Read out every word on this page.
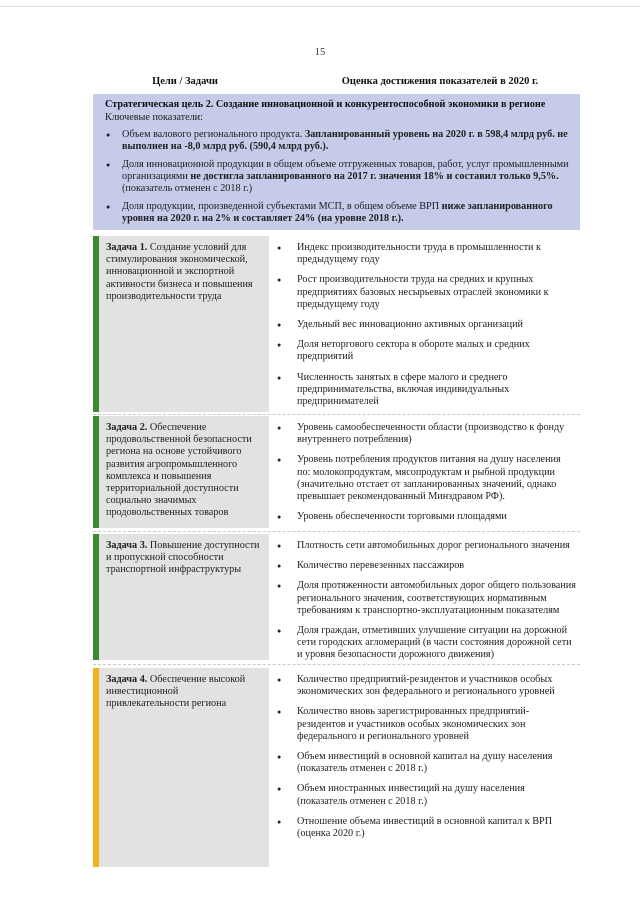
15
Цели / Задачи	Оценка достижения показателей в 2020 г.
Стратегическая цель 2. Создание инновационной и конкурентоспособной экономики в регионе
Ключевые показатели:
● Объем валового регионального продукта. Запланированный уровень на 2020 г. в 598,4 млрд руб. не выполнен на -8,0 млрд руб. (590,4 млрд руб.).
● Доля инновационной продукции в общем объеме отгруженных товаров, работ, услуг промышленными организациями не достигла запланированного на 2017 г. значения 18% и составил только 9,5%. (показатель отменен с 2018 г.)
● Доля продукции, произведенной субъектами МСП, в общем объеме ВРП ниже запланированного уровня на 2020 г. на 2% и составляет 24% (на уровне 2018 г.).
Задача 1. Создание условий для стимулирования экономической, инновационной и экспортной активности бизнеса и повышения производительности труда
● Индекс производительности труда в промышленности к предыдущему году
● Рост производительности труда на средних и крупных предприятиях базовых несырьевых отраслей экономики к предыдущему году
● Удельный вес инновационно активных организаций
● Доля неторгового сектора в обороте малых и средних предприятий
● Численность занятых в сфере малого и среднего предпринимательства, включая индивидуальных предпринимателей
Задача 2. Обеспечение продовольственной безопасности региона на основе устойчивого развития агропромышленного комплекса и повышения территориальной доступности социально значимых продовольственных товаров
● Уровень самообеспеченности области (производство к фонду внутреннего потребления)
● Уровень потребления продуктов питания на душу населения по: молокопродуктам, мясопродуктам и рыбной продукции (значительно отстает от запланированных значений, однако превышает рекомендованный Минздравом РФ).
● Уровень обеспеченности торговыми площадями
Задача 3. Повышение доступности и пропускной способности транспортной инфраструктуры
● Плотность сети автомобильных дорог регионального значения
● Количество перевезенных пассажиров
● Доля протяженности автомобильных дорог общего пользования регионального значения, соответствующих нормативным требованиям к транспортно-эксплуатационным показателям
● Доля граждан, отметивших улучшение ситуации на дорожной сети городских агломераций (в части состояния дорожной сети и уровня безопасности дорожного движения)
Задача 4. Обеспечение высокой инвестиционной привлекательности региона
● Количество предприятий-резидентов и участников особых экономических зон федерального и регионального уровней
● Количество вновь зарегистрированных предприятий-резидентов и участников особых экономических зон федерального и регионального уровней
● Объем инвестиций в основной капитал на душу населения (показатель отменен с 2018 г.)
● Объем иностранных инвестиций на душу населения (показатель отменен с 2018 г.)
● Отношение объема инвестиций в основной капитал к ВРП (оценка 2020 г.)
